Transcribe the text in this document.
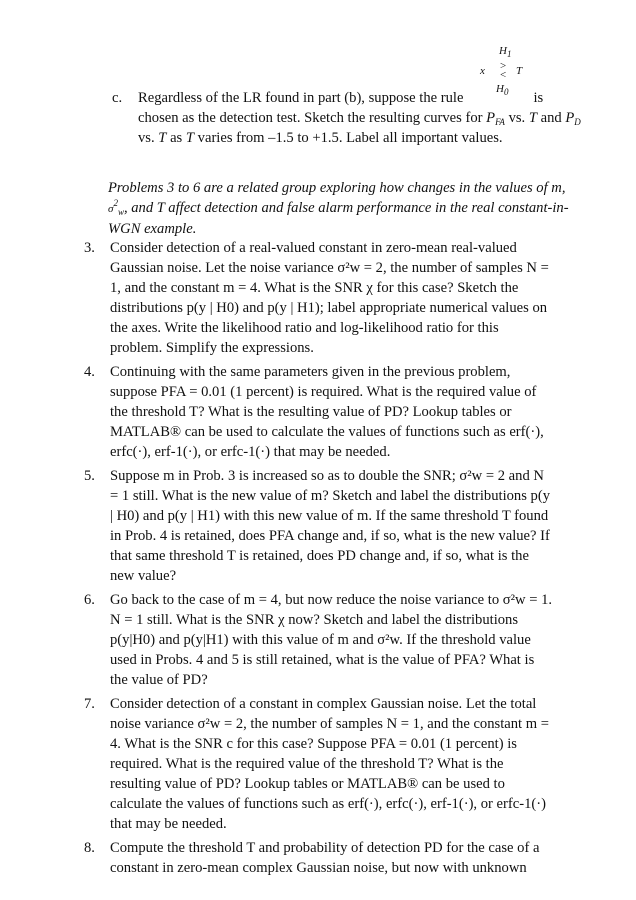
$H_1$
x >
< T
$H_0$
c. Regardless of the LR found in part (b), suppose the rule	is chosen as the detection test. Sketch the resulting curves for $P_{FA}$ vs. T and $P_D$ vs. T as T varies from –1.5 to +1.5. Label all important values.
Problems 3 to 6 are a related group exploring how changes in the values of m, $\sigma^2_w$, and T affect detection and false alarm performance in the real constant-in-WGN example.
3. Consider detection of a real-valued constant in zero-mean real-valued Gaussian noise. Let the noise variance σ²w = 2, the number of samples N = 1, and the constant m = 4. What is the SNR χ for this case? Sketch the distributions p(y | H0) and p(y | H1); label appropriate numerical values on the axes. Write the likelihood ratio and log-likelihood ratio for this problem. Simplify the expressions.
4. Continuing with the same parameters given in the previous problem, suppose PFA = 0.01 (1 percent) is required. What is the required value of the threshold T? What is the resulting value of PD? Lookup tables or MATLAB® can be used to calculate the values of functions such as erf(·), erfc(·), erf-1(·), or erfc-1(·) that may be needed.
5. Suppose m in Prob. 3 is increased so as to double the SNR; σ²w = 2 and N = 1 still. What is the new value of m? Sketch and label the distributions p(y | H0) and p(y | H1) with this new value of m. If the same threshold T found in Prob. 4 is retained, does PFA change and, if so, what is the new value? If that same threshold T is retained, does PD change and, if so, what is the new value?
6. Go back to the case of m = 4, but now reduce the noise variance to σ²w = 1. N = 1 still. What is the SNR χ now? Sketch and label the distributions p(y|H0) and p(y|H1) with this value of m and σ²w. If the threshold value used in Probs. 4 and 5 is still retained, what is the value of PFA? What is the value of PD?
7. Consider detection of a constant in complex Gaussian noise. Let the total noise variance σ²w = 2, the number of samples N = 1, and the constant m = 4. What is the SNR c for this case? Suppose PFA = 0.01 (1 percent) is required. What is the required value of the threshold T? What is the resulting value of PD? Lookup tables or MATLAB® can be used to calculate the values of functions such as erf(·), erfc(·), erf-1(·), or erfc-1(·) that may be needed.
8. Compute the threshold T and probability of detection PD for the case of a constant in zero-mean complex Gaussian noise, but now with unknown
